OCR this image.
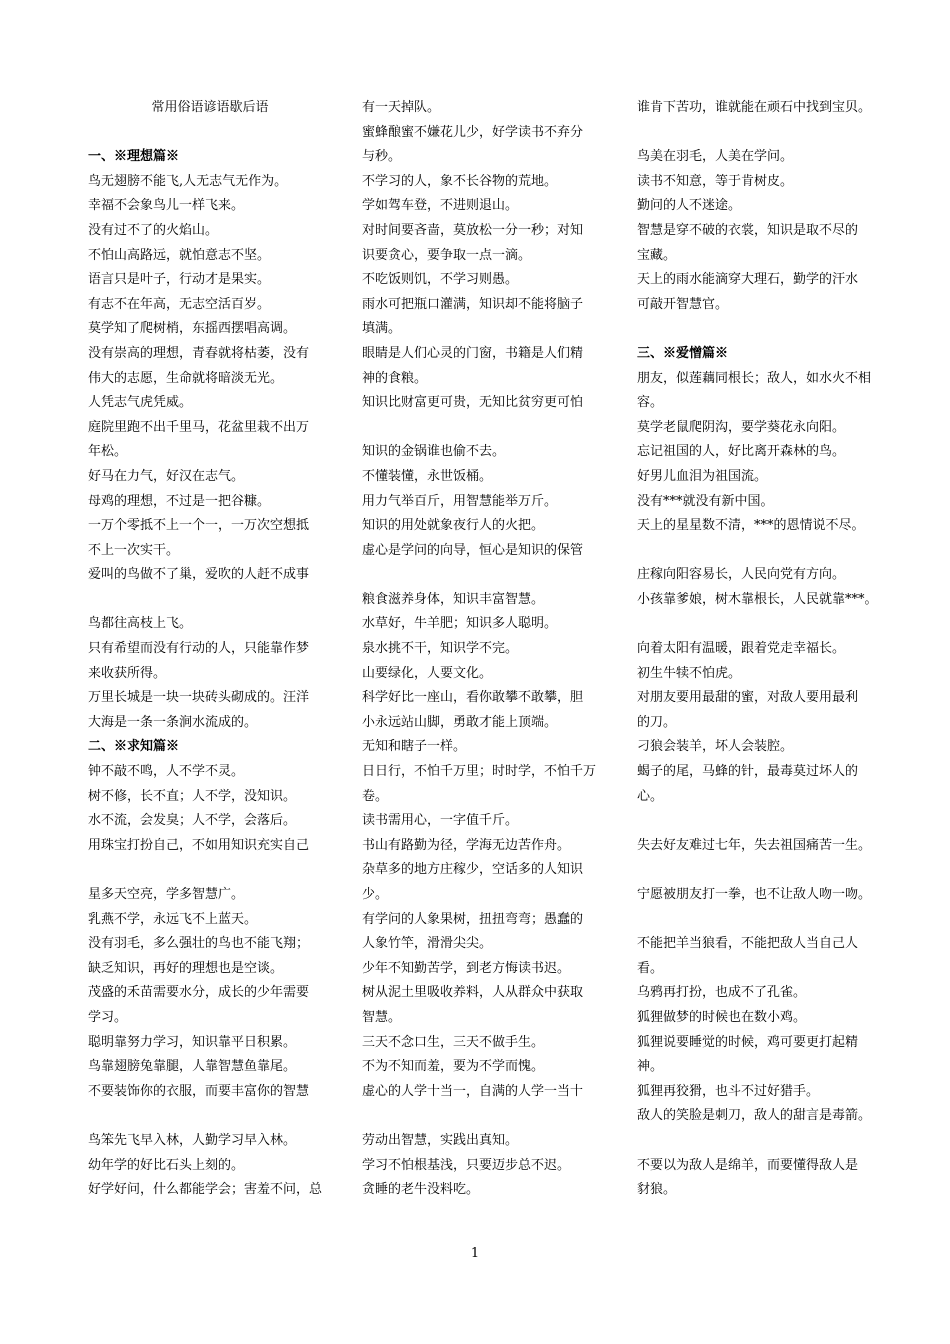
常用俗语谚语歇后语
一、※理想篇※
鸟无翅膀不能飞,人无志气无作为。
幸福不会象鸟儿一样飞来。
没有过不了的火焰山。
不怕山高路远，就怕意志不坚。
语言只是叶子，行动才是果实。
有志不在年高，无志空活百岁。
莫学知了爬树梢，东摇西摆唱高调。
没有崇高的理想，青春就将枯萎，没有
伟大的志愿，生命就将暗淡无光。
人凭志气虎凭威。
庭院里跑不出千里马，花盆里栽不出万
年松。
好马在力气，好汉在志气。
母鸡的理想，不过是一把谷糠。
一万个零抵不上一个一，一万次空想抵
不上一次实干。
爱叫的鸟做不了巢，爱吹的人赶不成事
鸟都往高枝上飞。
只有希望而没有行动的人，只能靠作梦
来收获所得。
万里长城是一块一块砖头砌成的。汪洋
大海是一条一条涧水流成的。
二、※求知篇※
钟不敲不鸣，人不学不灵。
树不修，长不直；人不学，没知识。
水不流，会发臭；人不学，会落后。
用珠宝打扮自己，不如用知识充实自己
星多天空亮，学多智慧广。
乳燕不学，永远飞不上蓝天。
没有羽毛，多么强壮的鸟也不能飞翔；
缺乏知识，再好的理想也是空谈。
茂盛的禾苗需要水分，成长的少年需要
学习。
聪明靠努力学习，知识靠平日积累。
鸟靠翅膀兔靠腿，人靠智慧鱼靠尾。
不要装饰你的衣服，而要丰富你的智慧
鸟笨先飞早入林，人勤学习早入林。
幼年学的好比石头上刻的。
好学好问，什么都能学会；害羞不问，总
有一天掉队。
蜜蜂酿蜜不嫌花儿少，好学读书不弃分
与秒。
不学习的人，象不长谷物的荒地。
学如驾车登，不进则退山。
对时间要吝啬，莫放松一分一秒；对知
识要贪心，要争取一点一滴。
不吃饭则饥，不学习则愚。
雨水可把瓶口灌满，知识却不能将脑子
填满。
眼睛是人们心灵的门窗，书籍是人们精
神的食粮。
知识比财富更可贵，无知比贫穷更可怕
知识的金锅谁也偷不去。
不懂装懂，永世饭桶。
用力气举百斤，用智慧能举万斤。
知识的用处就象夜行人的火把。
虚心是学问的向导，恒心是知识的保管
粮食滋养身体，知识丰富智慧。
水草好，牛羊肥；知识多人聪明。
泉水挑不干，知识学不完。
山要绿化，人要文化。
科学好比一座山，看你敢攀不敢攀，胆
小永远站山脚，勇敢才能上顶端。
无知和瞎子一样。
日日行，不怕千万里；时时学，不怕千万
卷。
读书需用心，一字值千斤。
书山有路勤为径，学海无边苦作舟。
杂草多的地方庄稼少，空话多的人知识
少。
有学问的人象果树，扭扭弯弯；愚蠢的
人象竹竿，滑滑尖尖。
少年不知勤苦学，到老方悔读书迟。
树从泥土里吸收养料，人从群众中获取
智慧。
三天不念口生，三天不做手生。
不为不知而羞，要为不学而愧。
虚心的人学十当一，自满的人学一当十
劳动出智慧，实践出真知。
学习不怕根基浅，只要迈步总不迟。
贪睡的老牛没料吃。
谁肯下苦功，谁就能在顽石中找到宝贝。
鸟美在羽毛，人美在学问。
读书不知意，等于肯树皮。
勤问的人不迷途。
智慧是穿不破的衣裳，知识是取不尽的
宝藏。
天上的雨水能滴穿大理石，勤学的汗水
可敲开智慧官。
三、※爱憎篇※
朋友，似莲藕同根长；敌人，如水火不相
容。
莫学老鼠爬阴沟，要学葵花永向阳。
忘记祖国的人，好比离开森林的鸟。
好男儿血泪为祖国流。
没有***就没有新中国。
天上的星星数不清，***的恩情说不尽。
庄稼向阳容易长，人民向党有方向。
小孩靠爹娘，树木靠根长，人民就靠***。
向着太阳有温暖，跟着党走幸福长。
初生牛犊不怕虎。
对朋友要用最甜的蜜，对敌人要用最利
的刀。
刁狼会装羊，坏人会装腔。
蝎子的尾，马蜂的针，最毒莫过坏人的
心。
失去好友难过七年，失去祖国痛苦一生。
宁愿被朋友打一拳，也不让敌人吻一吻。
不能把羊当狼看，不能把敌人当自己人
看。
乌鸦再打扮，也成不了孔雀。
狐狸做梦的时候也在数小鸡。
狐狸说要睡觉的时候，鸡可要更打起精
神。
狐狸再狡猾，也斗不过好猎手。
敌人的笑脸是刺刀，敌人的甜言是毒箭。
不要以为敌人是绵羊，而要懂得敌人是
豺狼。
1
